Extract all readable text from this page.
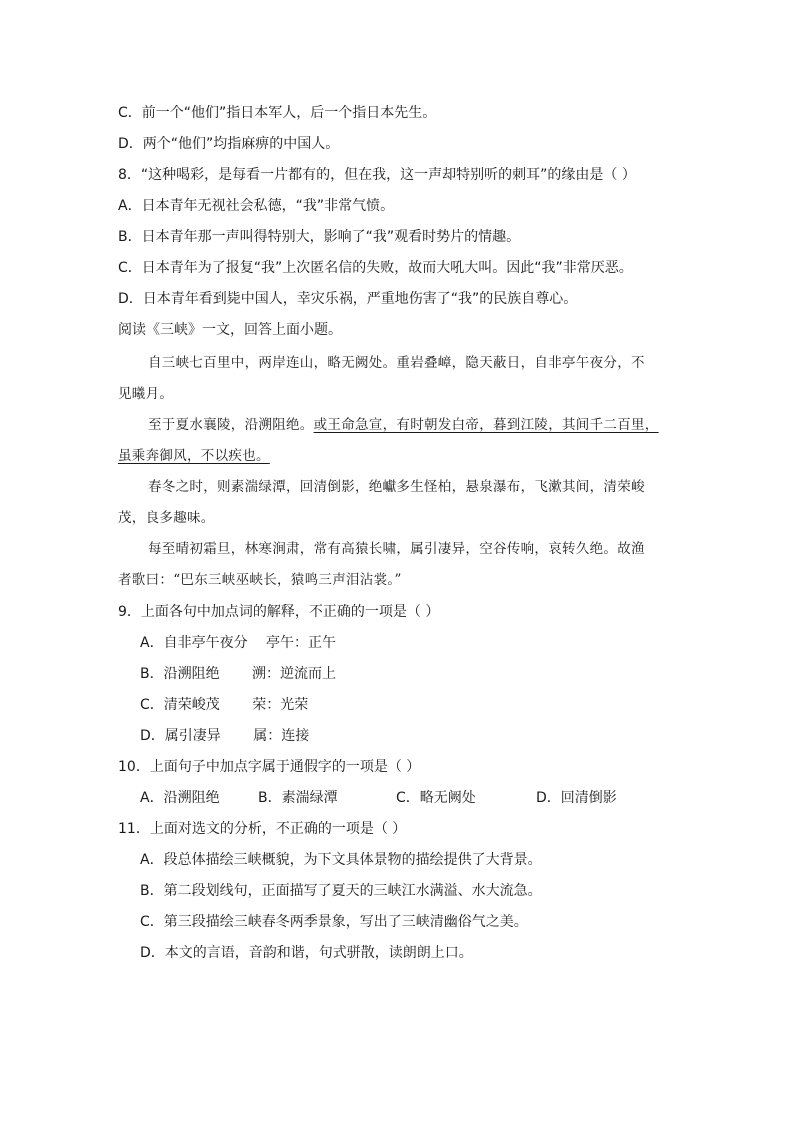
C．前一个“他们”指日本军人，后一个指日本先生。
D．两个“他们”均指麻痹的中国人。
8．“这种喝彩，是每看一片都有的，但在我，这一声却特别听的刺耳”的缘由是（ ）
A．日本青年无视社会私德，“我”非常气愤。
B．日本青年那一声叫得特别大，影响了“我”观看时势片的情趣。
C．日本青年为了报复“我”上次匿名信的失败，故而大吼大叫。因此“我”非常厌恶。
D．日本青年看到毙中国人，幸灾乐祸，严重地伤害了“我”的民族自尊心。
阅读《三峡》一文，回答上面小题。
自三峡七百里中，两岸连山，略无阙处。重岩叠嶂，隐天蔽日，自非亭午夜分，不
见曦月。
至于夏水襄陵，沿溯阻绝。或王命急宣，有时朝发白帝，暮到江陵，其间千二百里，
虽乘奔御风，不以疾也。
春冬之时，则素湍绿潭，回清倒影，绝巘多生怪柏，悬泉瀑布，飞漱其间，清荣峻
茂，良多趣味。
每至晴初霜旦，林寒涧肃，常有高猿长啸，属引凄异，空谷传响，哀转久绝。故渔
者歌曰：“巴东三峡巫峡长，猿鸣三声泪沾裳。”
9．上面各句中加点词的解释，不正确的一项是（ ）
A．自非亭午夜分　 亭午：正午
B．沿溯阻绝　　 溯：逆流而上
C．清荣峻茂　　 荣：光荣
D．属引凄异　　 属：连接
10．上面句子中加点字属于通假字的一项是（ ）
A．沿溯阻绝	B．素湍绿潭	C．略无阙处	D．回清倒影
11．上面对选文的分析，不正确的一项是（ ）
A．段总体描绘三峡概貌，为下文具体景物的描绘提供了大背景。
B．第二段划线句，正面描写了夏天的三峡江水满溢、水大流急。
C．第三段描绘三峡春冬两季景象，写出了三峡清幽俗气之美。
D．本文的言语，音韵和谐，句式骈散，读朗朗上口。
